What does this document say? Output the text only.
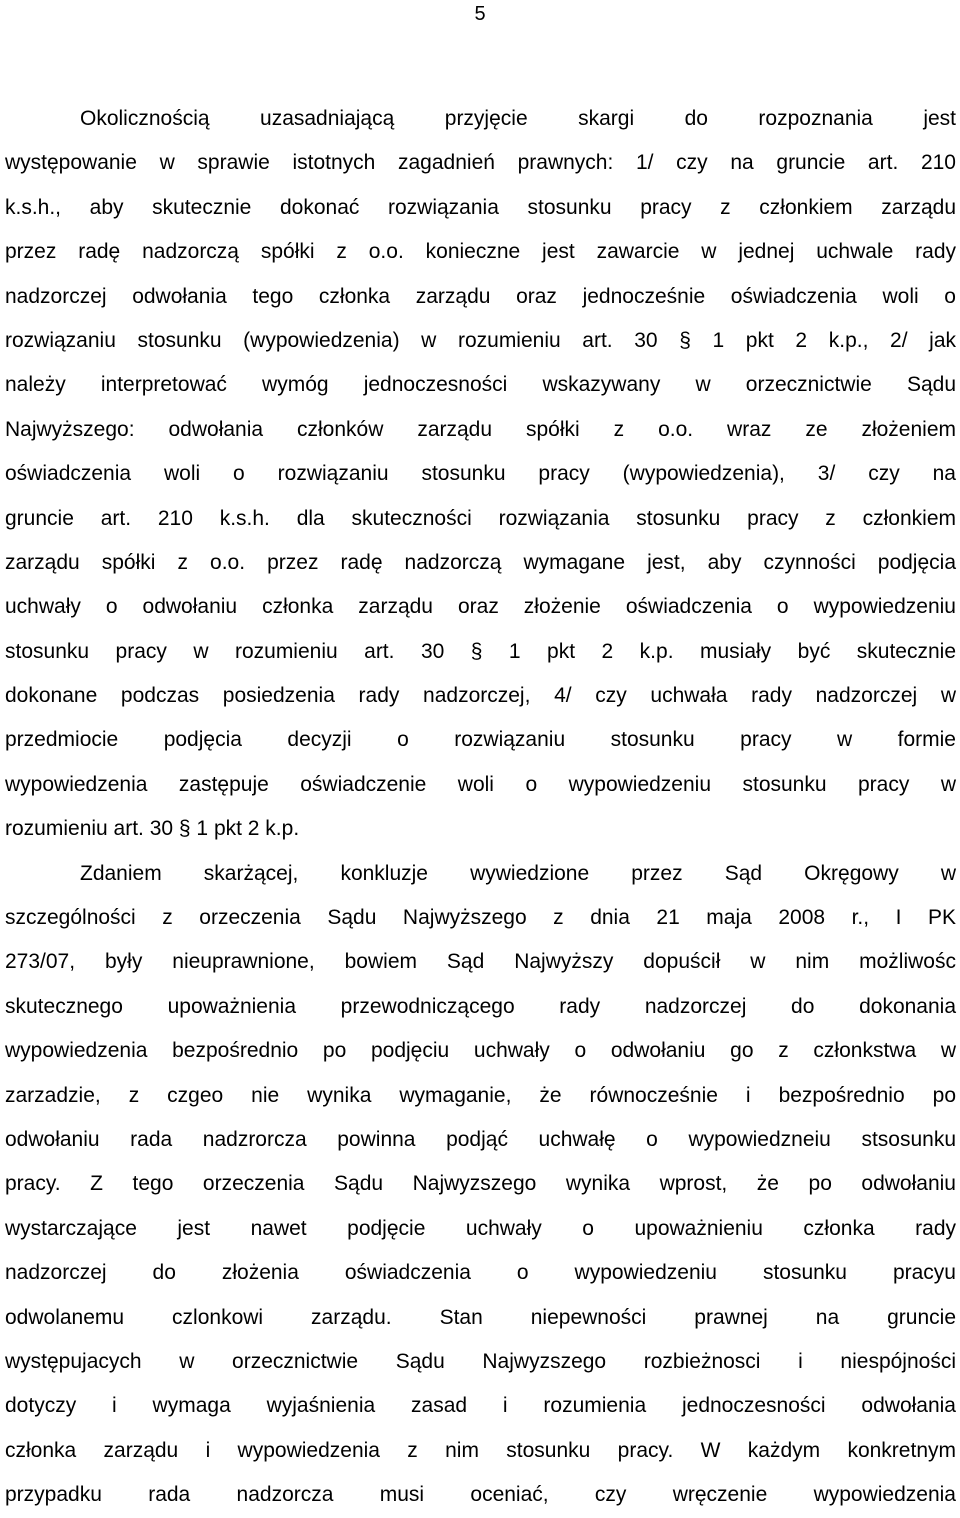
5
Okolicznością uzasadniającą przyjęcie skargi do rozpoznania jest
występowanie w sprawie istotnych zagadnień prawnych: 1/ czy na gruncie art. 210
k.s.h., aby skutecznie dokonać rozwiązania stosunku pracy z członkiem zarządu
przez radę nadzorczą spółki z o.o. konieczne jest zawarcie w jednej uchwale rady
nadzorczej odwołania tego członka zarządu oraz jednocześnie oświadczenia woli o
rozwiązaniu stosunku (wypowiedzenia) w rozumieniu art. 30 § 1 pkt 2 k.p., 2/ jak
należy interpretować wymóg jednoczesności wskazywany w orzecznictwie Sądu
Najwyższego: odwołania członków zarządu spółki z o.o. wraz ze złożeniem
oświadczenia woli o rozwiązaniu stosunku pracy (wypowiedzenia), 3/ czy na
gruncie art. 210 k.s.h. dla skuteczności rozwiązania stosunku pracy z członkiem
zarządu spółki z o.o. przez radę nadzorczą wymagane jest, aby czynności podjęcia
uchwały o odwołaniu członka zarządu oraz złożenie oświadczenia o wypowiedzeniu
stosunku pracy w rozumieniu art. 30 § 1 pkt 2 k.p. musiały być skutecznie
dokonane podczas posiedzenia rady nadzorczej, 4/ czy uchwała rady nadzorczej w
przedmiocie podjęcia decyzji o rozwiązaniu stosunku pracy w formie
wypowiedzenia zastępuje oświadczenie woli o wypowiedzeniu stosunku pracy w
rozumieniu art. 30 § 1 pkt 2 k.p.
Zdaniem skarżącej, konkluzje wywiedzione przez Sąd Okręgowy w
szczególności z orzeczenia Sądu Najwyższego z dnia 21 maja 2008 r., I PK
273/07, były nieuprawnione, bowiem Sąd Najwyższy dopuścił w nim możliwośc
skutecznego upoważnienia przewodniczącego rady nadzorczej do dokonania
wypowiedzenia bezpośrednio po podjęciu uchwały o odwołaniu go z członkstwa w
zarzadzie, z czgeo nie wynika wymaganie, że równocześnie i bezpośrednio po
odwołaniu rada nadzrorcza powinna podjąć uchwałę o wypowiedzneiu stsosunku
pracy. Z tego orzeczenia Sądu Najwyzszego wynika wprost, że po odwołaniu
wystarczające jest nawet podjęcie uchwały o upoważnieniu członka rady
nadzorczej do złożenia oświadczenia o wypowiedzeniu stosunku pracyu
odwolanemu czlonkowi zarządu. Stan niepewności prawnej na gruncie
występujacych w orzecznictwie Sądu Najwyzszego rozbieżnosci i niespójności
dotyczy i wymaga wyjaśnienia zasad i rozumienia jednoczesności odwołania
członka zarządu i wypowiedzenia z nim stosunku pracy. W każdym konkretnym
przypadku rada nadzorcza musi oceniać, czy wręczenie wypowiedzenia
